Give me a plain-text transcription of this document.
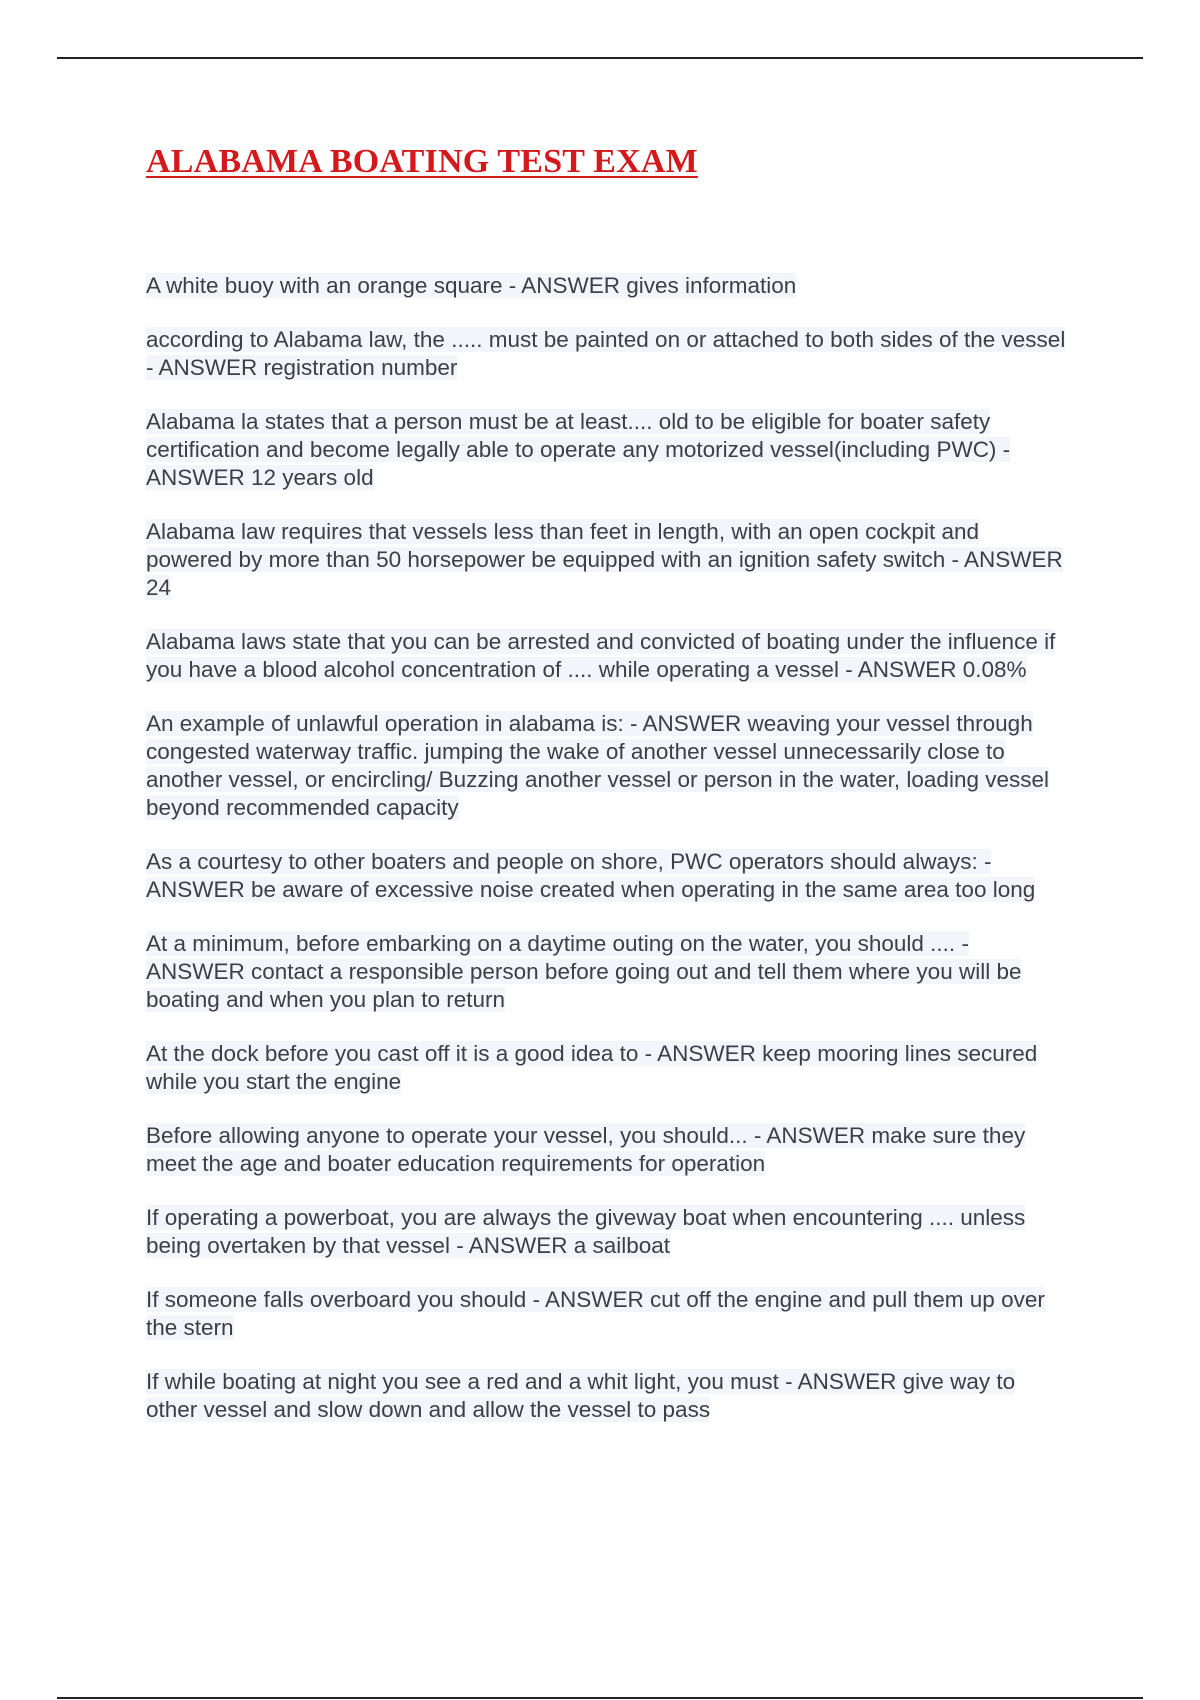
ALABAMA BOATING TEST EXAM
A white buoy with an orange square - ANSWER gives information
according to Alabama law, the ..... must be painted on or attached to both sides of the vessel - ANSWER registration number
Alabama la states that a person must be at least.... old to be eligible for boater safety certification and become legally able to operate any motorized vessel(including PWC) - ANSWER 12 years old
Alabama law requires that vessels less than feet in length, with an open cockpit and powered by more than 50 horsepower be equipped with an ignition safety switch - ANSWER 24
Alabama laws state that you can be arrested and convicted of boating under the influence if you have a blood alcohol concentration of .... while operating a vessel - ANSWER 0.08%
An example of unlawful operation in alabama is: - ANSWER weaving your vessel through congested waterway traffic. jumping the wake of another vessel unnecessarily close to another vessel, or encircling/ Buzzing another vessel or person in the water, loading vessel beyond recommended capacity
As a courtesy to other boaters and people on shore, PWC operators should always: - ANSWER be aware of excessive noise created when operating in the same area too long
At a minimum, before embarking on a daytime outing on the water, you should .... - ANSWER contact a responsible person before going out and tell them where you will be boating and when you plan to return
At the dock before you cast off it is a good idea to - ANSWER keep mooring lines secured while you start the engine
Before allowing anyone to operate your vessel, you should... - ANSWER make sure they meet the age and boater education requirements for operation
If operating a powerboat, you are always the giveway boat when encountering .... unless being overtaken by that vessel - ANSWER a sailboat
If someone falls overboard you should - ANSWER cut off the engine and pull them up over the stern
If while boating at night you see a red and a whit light, you must - ANSWER give way to other vessel and slow down and allow the vessel to pass
